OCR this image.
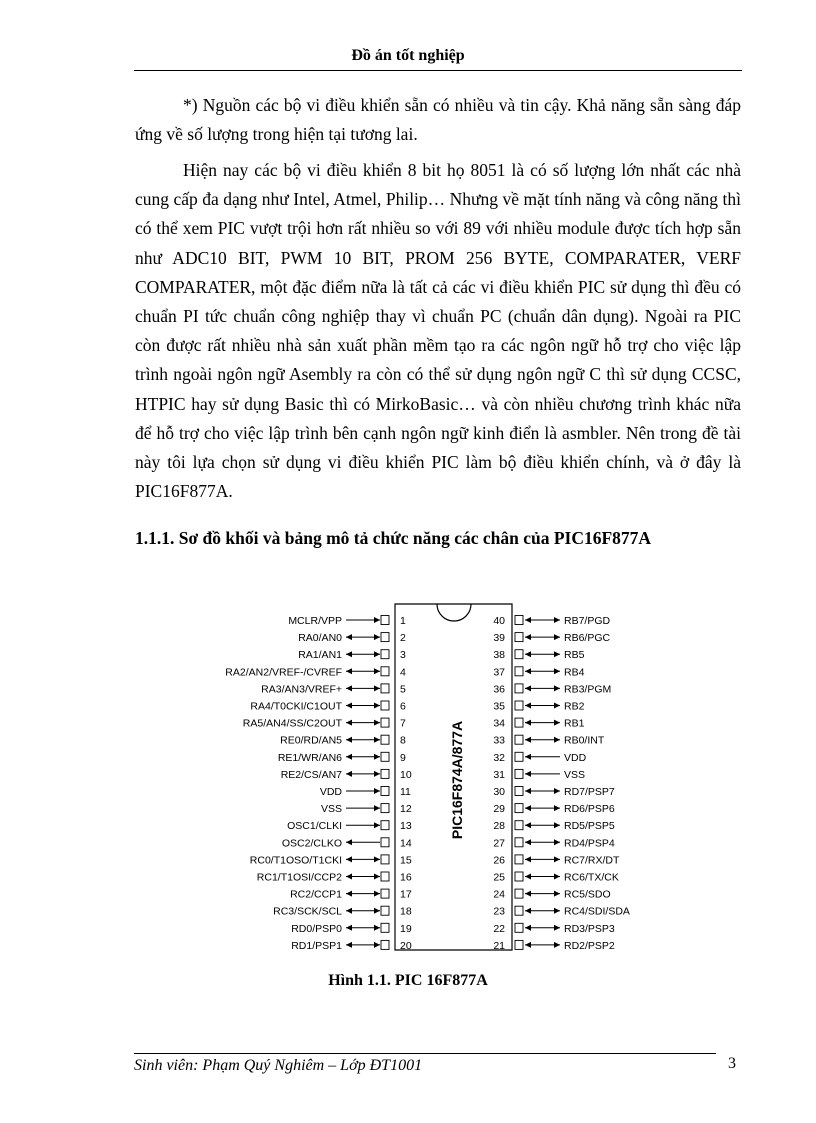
Đồ án tốt nghiệp

*) Nguồn các bộ vi điều khiển sẵn có nhiều và tin cậy. Khả năng sẵn sàng đáp ứng về số lượng trong hiện tại tương lai.

Hiện nay các bộ vi điều khiển 8 bit họ 8051 là có số lượng lớn nhất các nhà cung cấp đa dạng như Intel, Atmel, Philip… Nhưng về mặt tính năng và công năng thì có thể xem PIC vượt trội hơn rất nhiều so với 89 với nhiều module được tích hợp sẵn như ADC10 BIT, PWM 10 BIT, PROM 256 BYTE, COMPARATER, VERF COMPARATER, một đặc điểm nữa là tất cả các vi điều khiển PIC sử dụng thì đều có chuẩn PI tức chuẩn công nghiệp thay vì chuẩn PC (chuẩn dân dụng). Ngoài ra PIC còn được rất nhiều nhà sản xuất phần mềm tạo ra các ngôn ngữ hỗ trợ cho việc lập trình ngoài ngôn ngữ Asembly ra còn có thể sử dụng ngôn ngữ C thì sử dụng CCSC, HTPIC hay sử dụng Basic thì có MirkoBasic… và còn nhiều chương trình khác nữa để hỗ trợ cho việc lập trình bên cạnh ngôn ngữ kinh điển là asmbler. Nên trong đề tài này tôi lựa chọn sử dụng vi điều khiển PIC làm bộ điều khiển chính, và ở đây là PIC16F877A.

1.1.1. Sơ đồ khối và bảng mô tả chức năng các chân của PIC16F877A
PIC16F874A/877A
MCLR/VPP	1
RA0/AN0	2
RA1/AN1	3
RA2/AN2/VREF-/CVREF	4
RA3/AN3/VREF+	5
RA4/T0CKI/C1OUT	6
RA5/AN4/SS/C2OUT	7
RE0/RD/AN5	8
RE1/WR/AN6	9
RE2/CS/AN7	10
VDD	11
VSS	12
OSC1/CLKI	13
OSC2/CLKO	14
RC0/T1OSO/T1CKI	15
RC1/T1OSI/CCP2	16
RC2/CCP1	17
RC3/SCK/SCL	18
RD0/PSP0	19
RD1/PSP1	20
40	RB7/PGD
39	RB6/PGC
38	RB5
37	RB4
36	RB3/PGM
35	RB2
34	RB1
33	RB0/INT
32	VDD
31	VSS
30	RD7/PSP7
29	RD6/PSP6
28	RD5/PSP5
27	RD4/PSP4
26	RC7/RX/DT
25	RC6/TX/CK
24	RC5/SDO
23	RC4/SDI/SDA
22	RD3/PSP3
21	RD2/PSP2
Hình 1.1. PIC 16F877A
Sinh viên: Phạm Quý Nghiêm – Lớp ĐT1001	3
